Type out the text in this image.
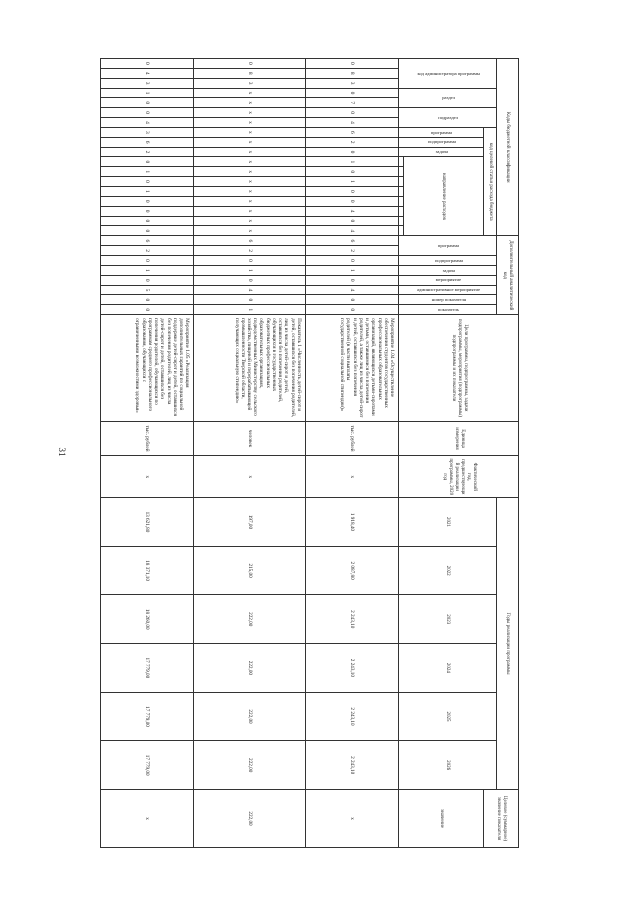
31
Коды бюджетной классификации																		Дополнительный аналитический код								Цели программы, подпрограммы, задачи подпрограммы, мероприятия (подпрограммы) подпрограммы и их показатели	Единица измерения	Фактический год, предшествующий реализации программы, 2020 год	Годы реализации программы						Целевое (суммарное) значение показателя
код администратора программы			раздел		подраздел		код целевой статьи расхода бюджета											программа		подпрограмма	задача	мероприятие	административное мероприятие	номер показателя	показатель				2021	2022	2023	2024	2025	2026	
							программа	подпрограмма	задача	направление расходов																									значение

0	8	3	0	7	0	4	6	2	0	1	0	1	0	0	4	0	4	6	2	0	1	0	4	0	0	Мероприятие 1.04 «Осуществление обеспечения студентов государственных профессиональных образовательных организаций, являющихся детьми-сиротами и детьми, оставшимися без попечения родителей, а также лиц из числа детей-сирот и детей, оставшихся без попечения родителей (в части выплаты государственной социальной стипендии)»	тыс. рублей	х	1 918,40	2 087,80	2 243,10	2 243,10	2 243,10	2 243,10	х
0	8	3	х	х	х	х	х	х	х	х	х	х	х	х	х	х	х	6	2	0	1	0	4	0	1	Показатель 1 «Численность детей-сирот и детей, оставшихся без попечения родителей, лиц из числа детей-сирот и детей, оставшихся без попечения родителей, обучающихся в государственных бюджетных профессиональных образовательных организациях, подведомственных Министерству сельского хозяйства, пищевой и перерабатывающей промышленности Тверской области, получающих социальную стипендию»	человек	х	197,00	215,00	222,00	222,00	222,00	222,00	222,00
0	4	3	1	0	0	4	3	6	2	0	1	0	1	0	0	0	0	6	2	0	1	0	5	0	0	Мероприятие 1.05 «Реализация дополнительных гарантий по социальной поддержке детей-сирот и детей, оставшихся без попечения родителей, лиц из числа детей-сирот и детей, оставшихся без попечения родителей, обучающихся по программам среднего профессионального образования, обучающихся с ограниченными возможностями здоровья»	тыс. рублей	х	13 621,80	18 371,10	18 260,00	17 779,00	17 779,00	17 779,00	х
